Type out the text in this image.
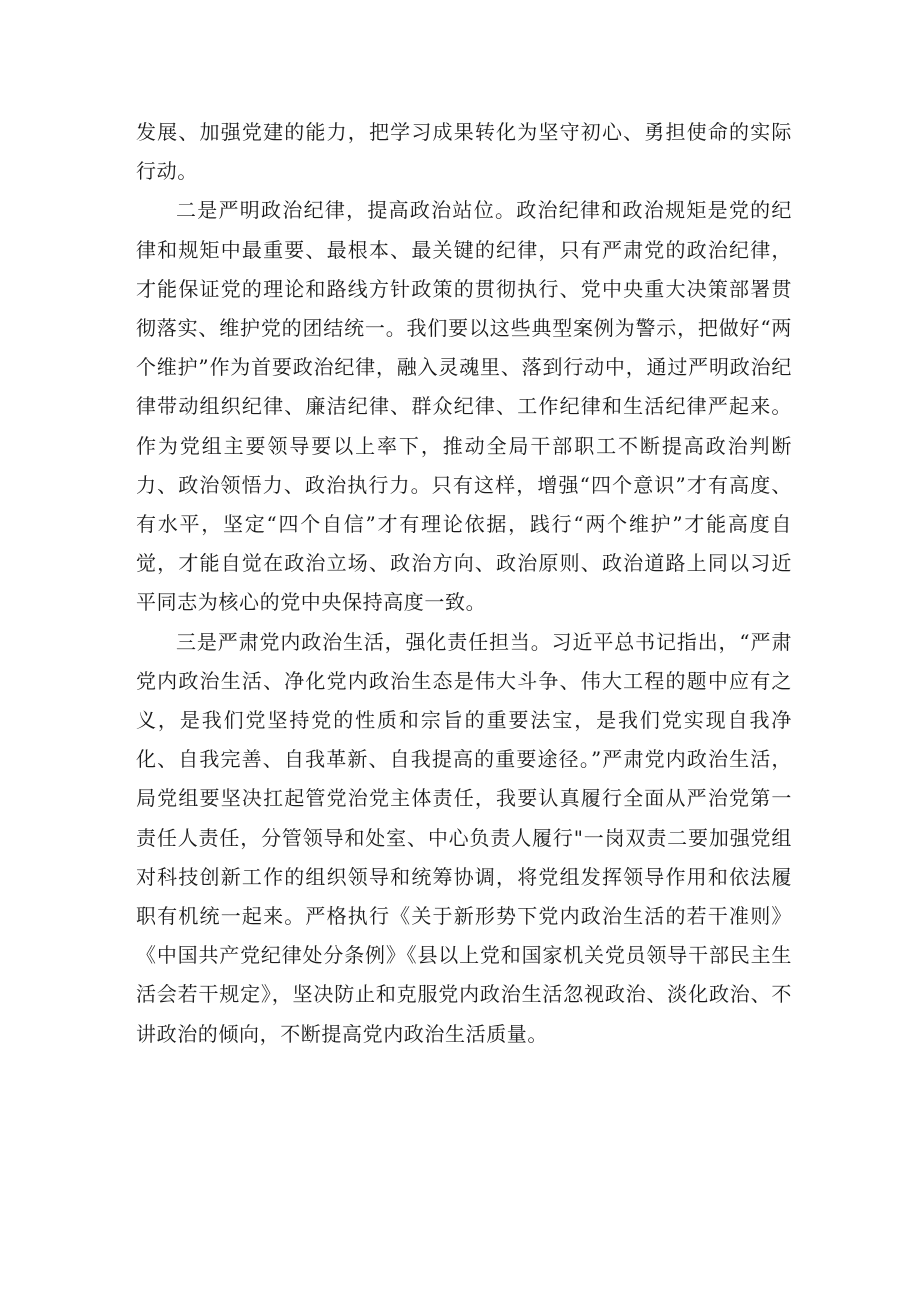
发展、加强党建的能力，把学习成果转化为坚守初心、勇担使命的实际行动。

二是严明政治纪律，提高政治站位。政治纪律和政治规矩是党的纪律和规矩中最重要、最根本、最关键的纪律，只有严肃党的政治纪律，才能保证党的理论和路线方针政策的贯彻执行、党中央重大决策部署贯彻落实、维护党的团结统一。我们要以这些典型案例为警示，把做好“两个维护”作为首要政治纪律，融入灵魂里、落到行动中，通过严明政治纪律带动组织纪律、廉洁纪律、群众纪律、工作纪律和生活纪律严起来。作为党组主要领导要以上率下，推动全局干部职工不断提高政治判断力、政治领悟力、政治执行力。只有这样，增强“四个意识”才有高度、有水平，坚定“四个自信”才有理论依据，践行“两个维护”才能高度自觉，才能自觉在政治立场、政治方向、政治原则、政治道路上同以习近平同志为核心的党中央保持高度一致。

三是严肃党内政治生活，强化责任担当。习近平总书记指出，“严肃党内政治生活、净化党内政治生态是伟大斗争、伟大工程的题中应有之义，是我们党坚持党的性质和宗旨的重要法宝，是我们党实现自我净化、自我完善、自我革新、自我提高的重要途径。”严肃党内政治生活，局党组要坚决扛起管党治党主体责任，我要认真履行全面从严治党第一责任人责任，分管领导和处室、中心负责人履行"一岗双责二要加强党组对科技创新工作的组织领导和统筹协调，将党组发挥领导作用和依法履职有机统一起来。严格执行《关于新形势下党内政治生活的若干准则》《中国共产党纪律处分条例》《县以上党和国家机关党员领导干部民主生活会若干规定》，坚决防止和克服党内政治生活忽视政治、淡化政治、不讲政治的倾向，不断提高党内政治生活质量。
